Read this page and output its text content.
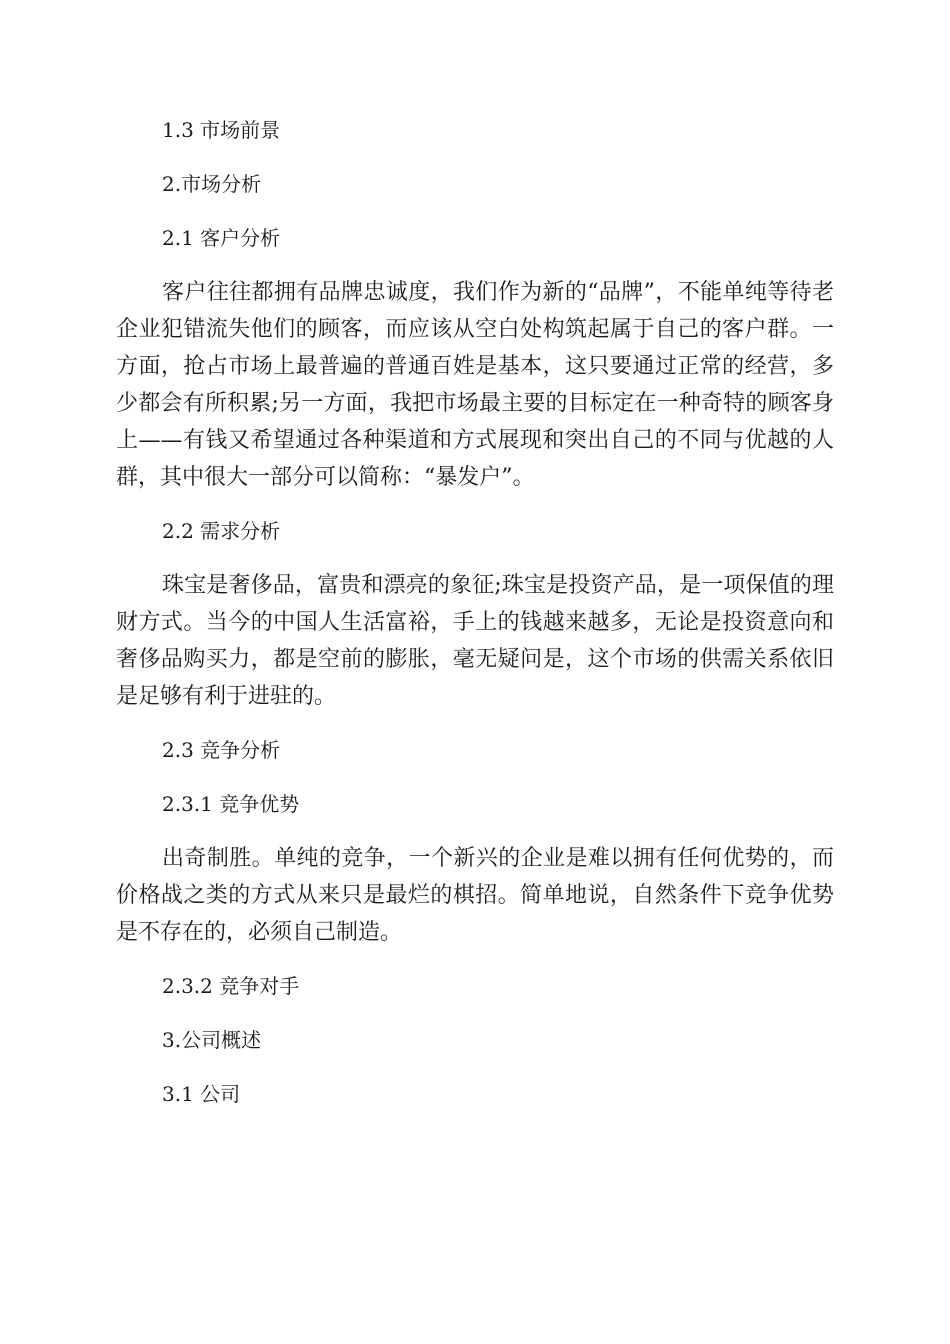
1.3 市场前景
2.市场分析
2.1 客户分析
客户往往都拥有品牌忠诚度，我们作为新的“品牌”，不能单纯等待老企业犯错流失他们的顾客，而应该从空白处构筑起属于自己的客户群。一方面，抢占市场上最普遍的普通百姓是基本，这只要通过正常的经营，多少都会有所积累;另一方面，我把市场最主要的目标定在一种奇特的顾客身上——有钱又希望通过各种渠道和方式展现和突出自己的不同与优越的人群，其中很大一部分可以简称：“暴发户”。
2.2 需求分析
珠宝是奢侈品，富贵和漂亮的象征;珠宝是投资产品，是一项保值的理财方式。当今的中国人生活富裕，手上的钱越来越多，无论是投资意向和奢侈品购买力，都是空前的膨胀，毫无疑问是，这个市场的供需关系依旧是足够有利于进驻的。
2.3 竞争分析
2.3.1 竞争优势
出奇制胜。单纯的竞争，一个新兴的企业是难以拥有任何优势的，而价格战之类的方式从来只是最烂的棋招。简单地说，自然条件下竞争优势是不存在的，必须自己制造。
2.3.2 竞争对手
3.公司概述
3.1 公司
